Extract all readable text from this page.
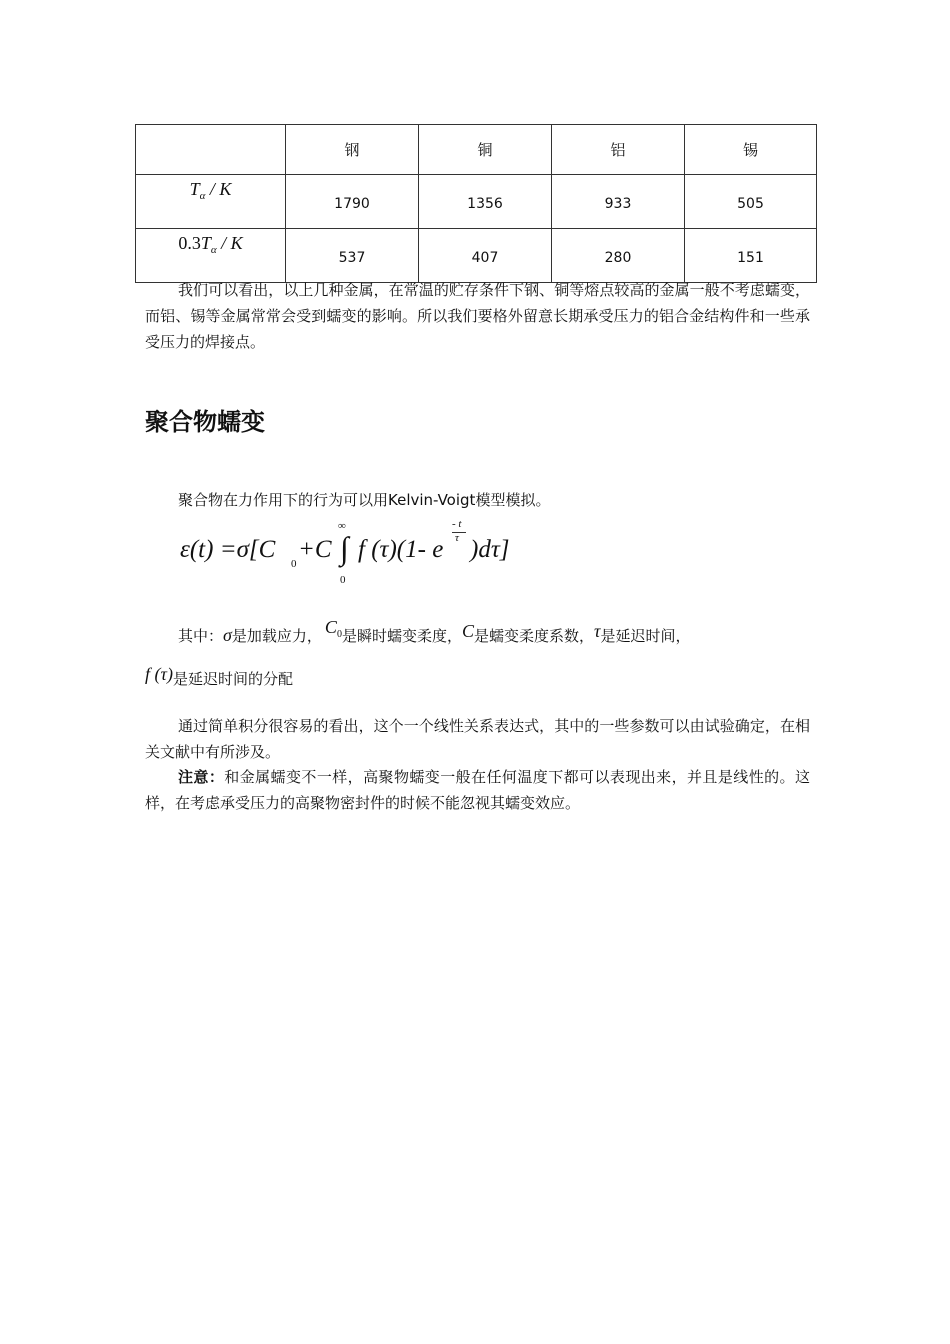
	钢	铜	铝	锡
$T_\alpha$ / K	1790	1356	933	505
$0.3T_\alpha$ / K	537	407	280	151

我们可以看出，以上几种金属，在常温的贮存条件下钢、铜等熔点较高的金属一般不考虑蠕变，而铝、锡等金属常常会受到蠕变的影响。所以我们要格外留意长期承受压力的铝合金结构件和一些承受压力的焊接点。

聚合物蠕变

聚合物在力作用下的行为可以用Kelvin-Voigt模型模拟。

ε(t) =σ[C
0
+C
∞
∫
0
f (τ)(1- e
- t
τ )dτ]

其中：σ是加载应力，  $C^0$是瞬时蠕变柔度，C是蠕变柔度系数，τ是延迟时间，

f (τ)是延迟时间的分配

通过简单积分很容易的看出，这个一个线性关系表达式，其中的一些参数可以由试验确定，在相关文献中有所涉及。

注意：和金属蠕变不一样，高聚物蠕变一般在任何温度下都可以表现出来，并且是线性的。这样，在考虑承受压力的高聚物密封件的时候不能忽视其蠕变效应。
